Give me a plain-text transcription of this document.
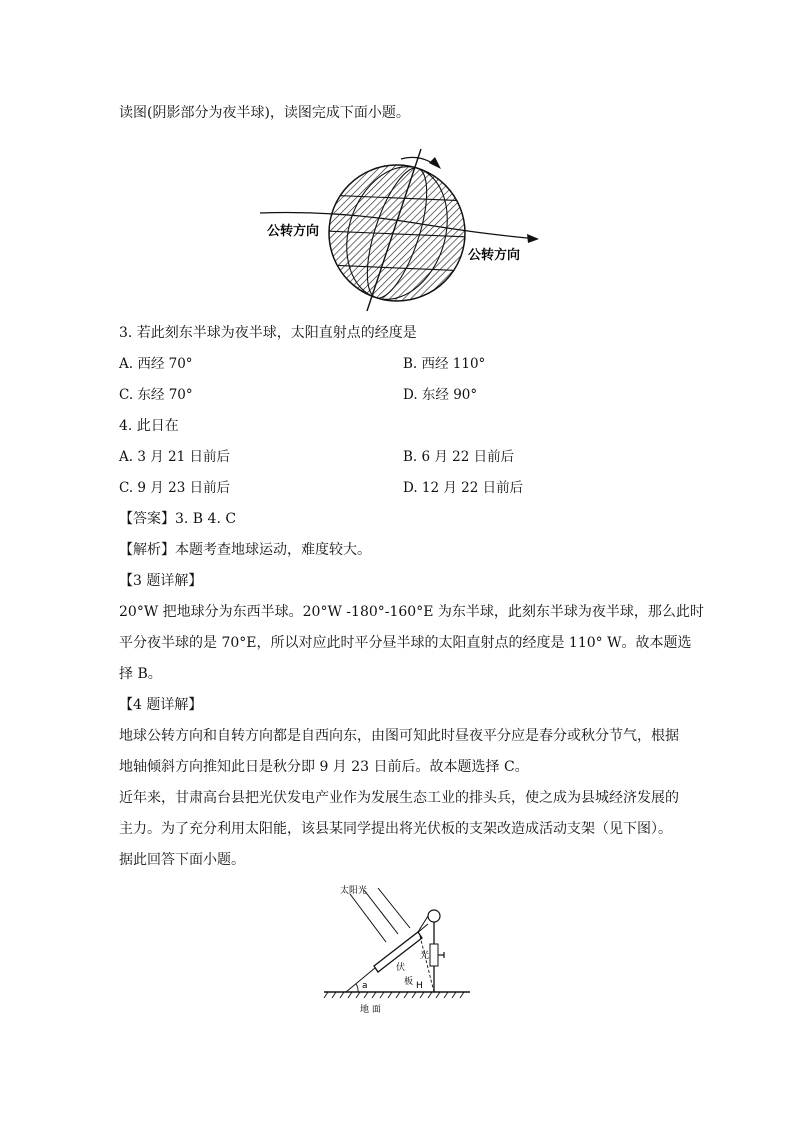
读图(阴影部分为夜半球)，读图完成下面小题。
公转方向
公转方向
3. 若此刻东半球为夜半球，太阳直射点的经度是
A. 西经 70°	B. 西经 110°
C. 东经 70°	D. 东经 90°
4. 此日在
A. 3 月 21 日前后	B. 6 月 22 日前后
C. 9 月 23 日前后	D. 12 月 22 日前后
【答案】3. B 4. C
【解析】本题考查地球运动，难度较大。
【3 题详解】
20°W 把地球分为东西半球。20°W -180°-160°E 为东半球，此刻东半球为夜半球，那么此时
平分夜半球的是 70°E，所以对应此时平分昼半球的太阳直射点的经度是 110° W。故本题选
择 B。
【4 题详解】
地球公转方向和自转方向都是自西向东，由图可知此时昼夜平分应是春分或秋分节气，根据
地轴倾斜方向推知此日是秋分即 9 月 23 日前后。故本题选择 C。
近年来，甘肃高台县把光伏发电产业作为发展生态工业的排头兵，使之成为县城经济发展的
主力。为了充分利用太阳能，该县某同学提出将光伏板的支架改造成活动支架（见下图）。
据此回答下面小题。
太阳光
光
伏
板
a	H
地 面
